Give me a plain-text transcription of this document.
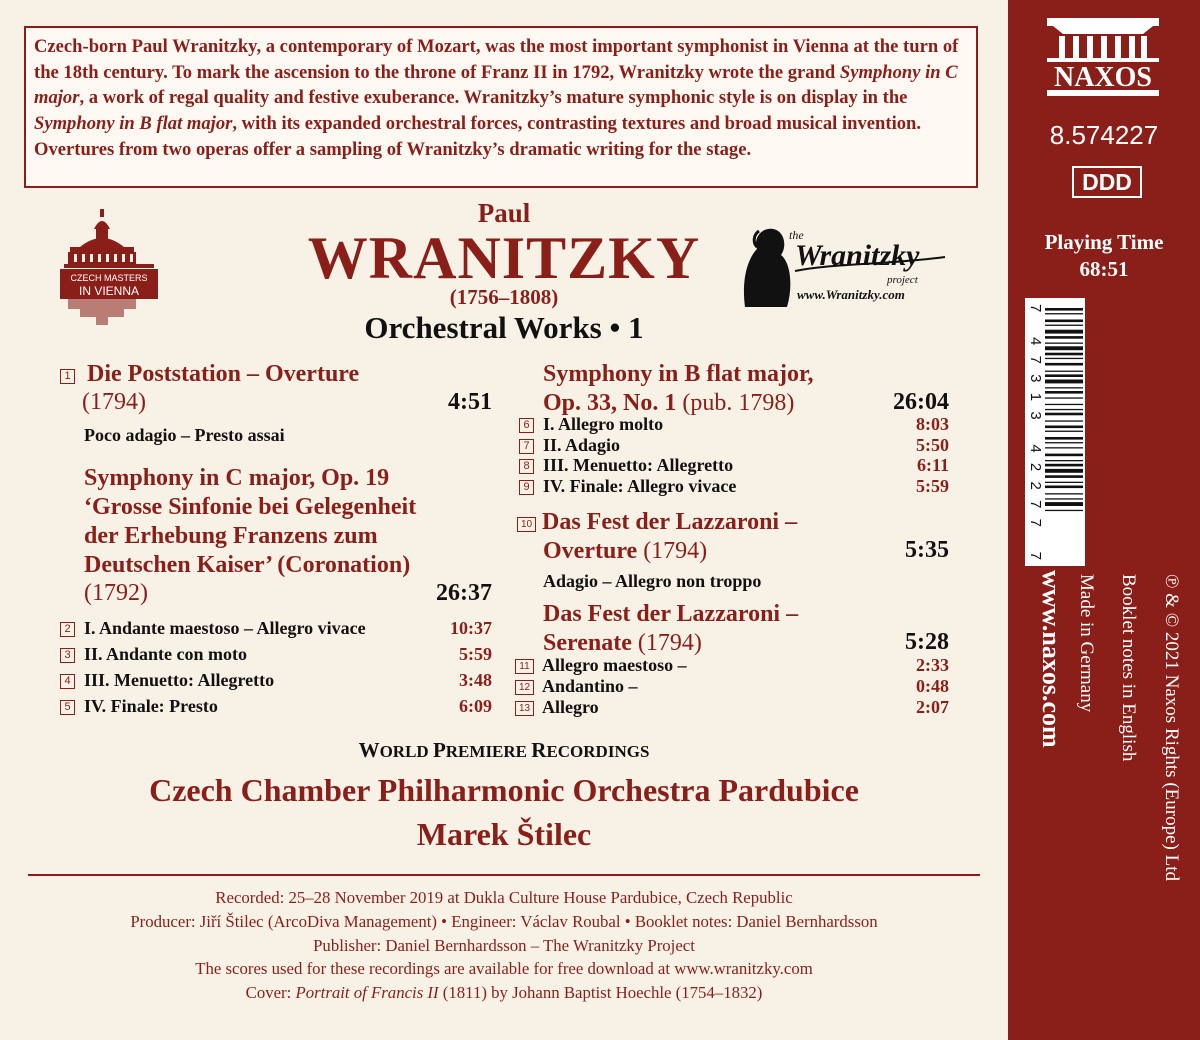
Czech-born Paul Wranitzky, a contemporary of Mozart, was the most important symphonist in Vienna at the turn of the 18th century. To mark the ascension to the throne of Franz II in 1792, Wranitzky wrote the grand Symphony in C major, a work of regal quality and festive exuberance. Wranitzky’s mature symphonic style is on display in the Symphony in B flat major, with its expanded orchestral forces, contrasting textures and broad musical invention. Overtures from two operas offer a sampling of Wranitzky’s dramatic writing for the stage.

CZECH MASTERS
IN VIENNA
Paul
WRANITZKY
(1756–1808)
Orchestral Works • 1
the
Wranitzky
project
www.Wranitzky.com
1 Die Poststation – Overture
(1794)	4:51
Poco adagio – Presto assai
Symphony in C major, Op. 19
‘Grosse Sinfonie bei Gelegenheit
der Erhebung Franzens zum
Deutschen Kaiser’ (Coronation)
(1792)	26:37
2 I. Andante maestoso – Allegro vivace	10:37
3 II. Andante con moto	5:59
4 III. Menuetto: Allegretto	3:48
5 IV. Finale: Presto	6:09
Symphony in B flat major,
Op. 33, No. 1 (pub. 1798)	26:04
6 I. Allegro molto	8:03
7 II. Adagio	5:50
8 III. Menuetto: Allegretto	6:11
9 IV. Finale: Allegro vivace	5:59
10 Das Fest der Lazzaroni –
Overture (1794)	5:35
Adagio – Allegro non troppo
Das Fest der Lazzaroni –
Serenate (1794)	5:28
11 Allegro maestoso –	2:33
12 Andantino –	0:48
13 Allegro	2:07
WORLD PREMIERE RECORDINGS
Czech Chamber Philharmonic Orchestra Pardubice
Marek Štilec
Recorded: 25–28 November 2019 at Dukla Culture House Pardubice, Czech Republic
Producer: Jiří Štilec (ArcoDiva Management) • Engineer: Václav Roubal • Booklet notes: Daniel Bernhardsson
Publisher: Daniel Bernhardsson – The Wranitzky Project
The scores used for these recordings are available for free download at www.wranitzky.com
Cover: Portrait of Francis II (1811) by Johann Baptist Hoechle (1754–1832)
NAXOS
8.574227
DDD
Playing Time
68:51
7 47313 42277 7
www.naxos.com Made in Germany Booklet notes in English ℗ & © 2021 Naxos Rights (Europe) Ltd
